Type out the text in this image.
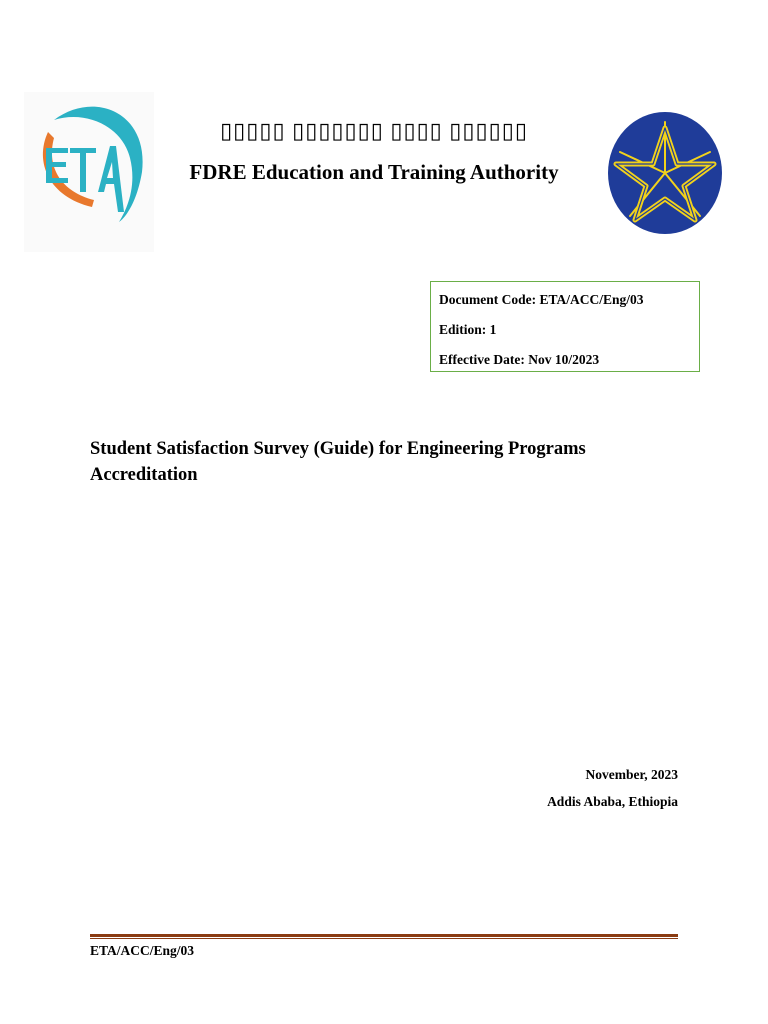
▯▯▯▯▯ ▯▯▯▯▯▯▯ ▯▯▯▯ ▯▯▯▯▯▯
FDRE Education and Training Authority
Document Code: ETA/ACC/Eng/03
Edition: 1
Effective Date: Nov 10/2023
Student Satisfaction Survey (Guide) for Engineering Programs Accreditation
November, 2023
Addis Ababa, Ethiopia
ETA/ACC/Eng/03
